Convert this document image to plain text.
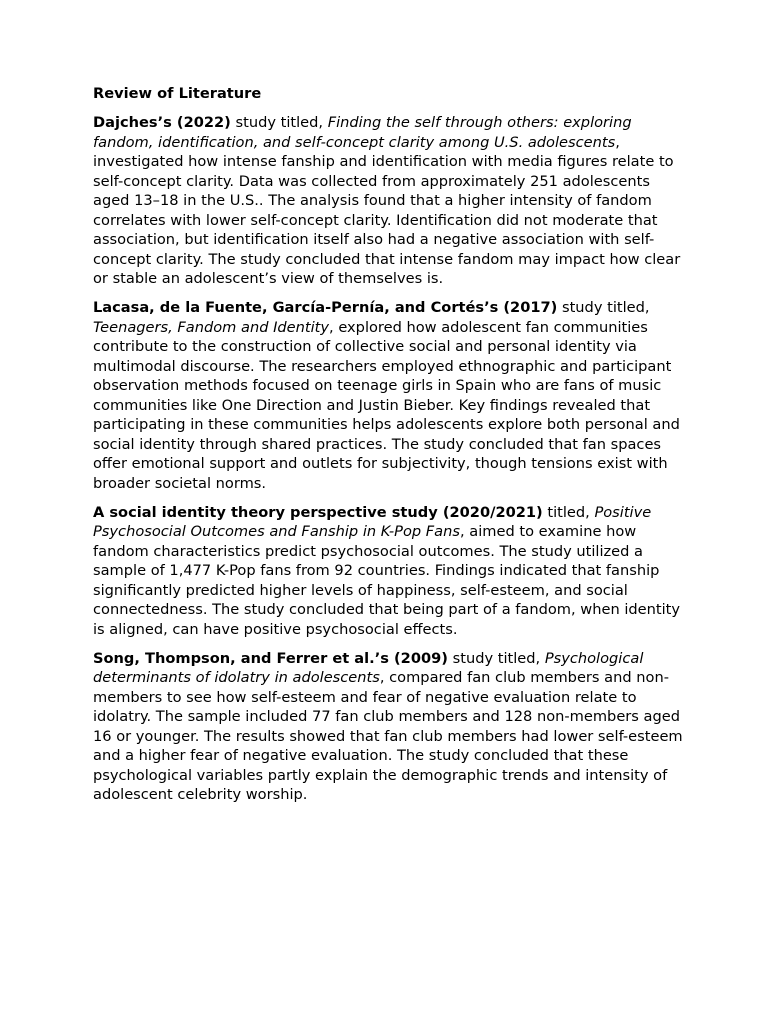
Review of Literature

Dajches’s (2022) study titled, Finding the self through others: exploring fandom, identification, and self-concept clarity among U.S. adolescents, investigated how intense fanship and identification with media figures relate to self-concept clarity. Data was collected from approximately 251 adolescents aged 13–18 in the U.S.. The analysis found that a higher intensity of fandom correlates with lower self-concept clarity. Identification did not moderate that association, but identification itself also had a negative association with self-concept clarity. The study concluded that intense fandom may impact how clear or stable an adolescent’s view of themselves is.

Lacasa, de la Fuente, García-Pernía, and Cortés’s (2017) study titled, Teenagers, Fandom and Identity, explored how adolescent fan communities contribute to the construction of collective social and personal identity via multimodal discourse. The researchers employed ethnographic and participant observation methods focused on teenage girls in Spain who are fans of music communities like One Direction and Justin Bieber. Key findings revealed that participating in these communities helps adolescents explore both personal and social identity through shared practices. The study concluded that fan spaces offer emotional support and outlets for subjectivity, though tensions exist with broader societal norms.

A social identity theory perspective study (2020/2021) titled, Positive Psychosocial Outcomes and Fanship in K-Pop Fans, aimed to examine how fandom characteristics predict psychosocial outcomes. The study utilized a sample of 1,477 K-Pop fans from 92 countries. Findings indicated that fanship significantly predicted higher levels of happiness, self-esteem, and social connectedness. The study concluded that being part of a fandom, when identity is aligned, can have positive psychosocial effects.

Song, Thompson, and Ferrer et al.’s (2009) study titled, Psychological determinants of idolatry in adolescents, compared fan club members and non-members to see how self-esteem and fear of negative evaluation relate to idolatry. The sample included 77 fan club members and 128 non-members aged 16 or younger. The results showed that fan club members had lower self-esteem and a higher fear of negative evaluation. The study concluded that these psychological variables partly explain the demographic trends and intensity of adolescent celebrity worship.
